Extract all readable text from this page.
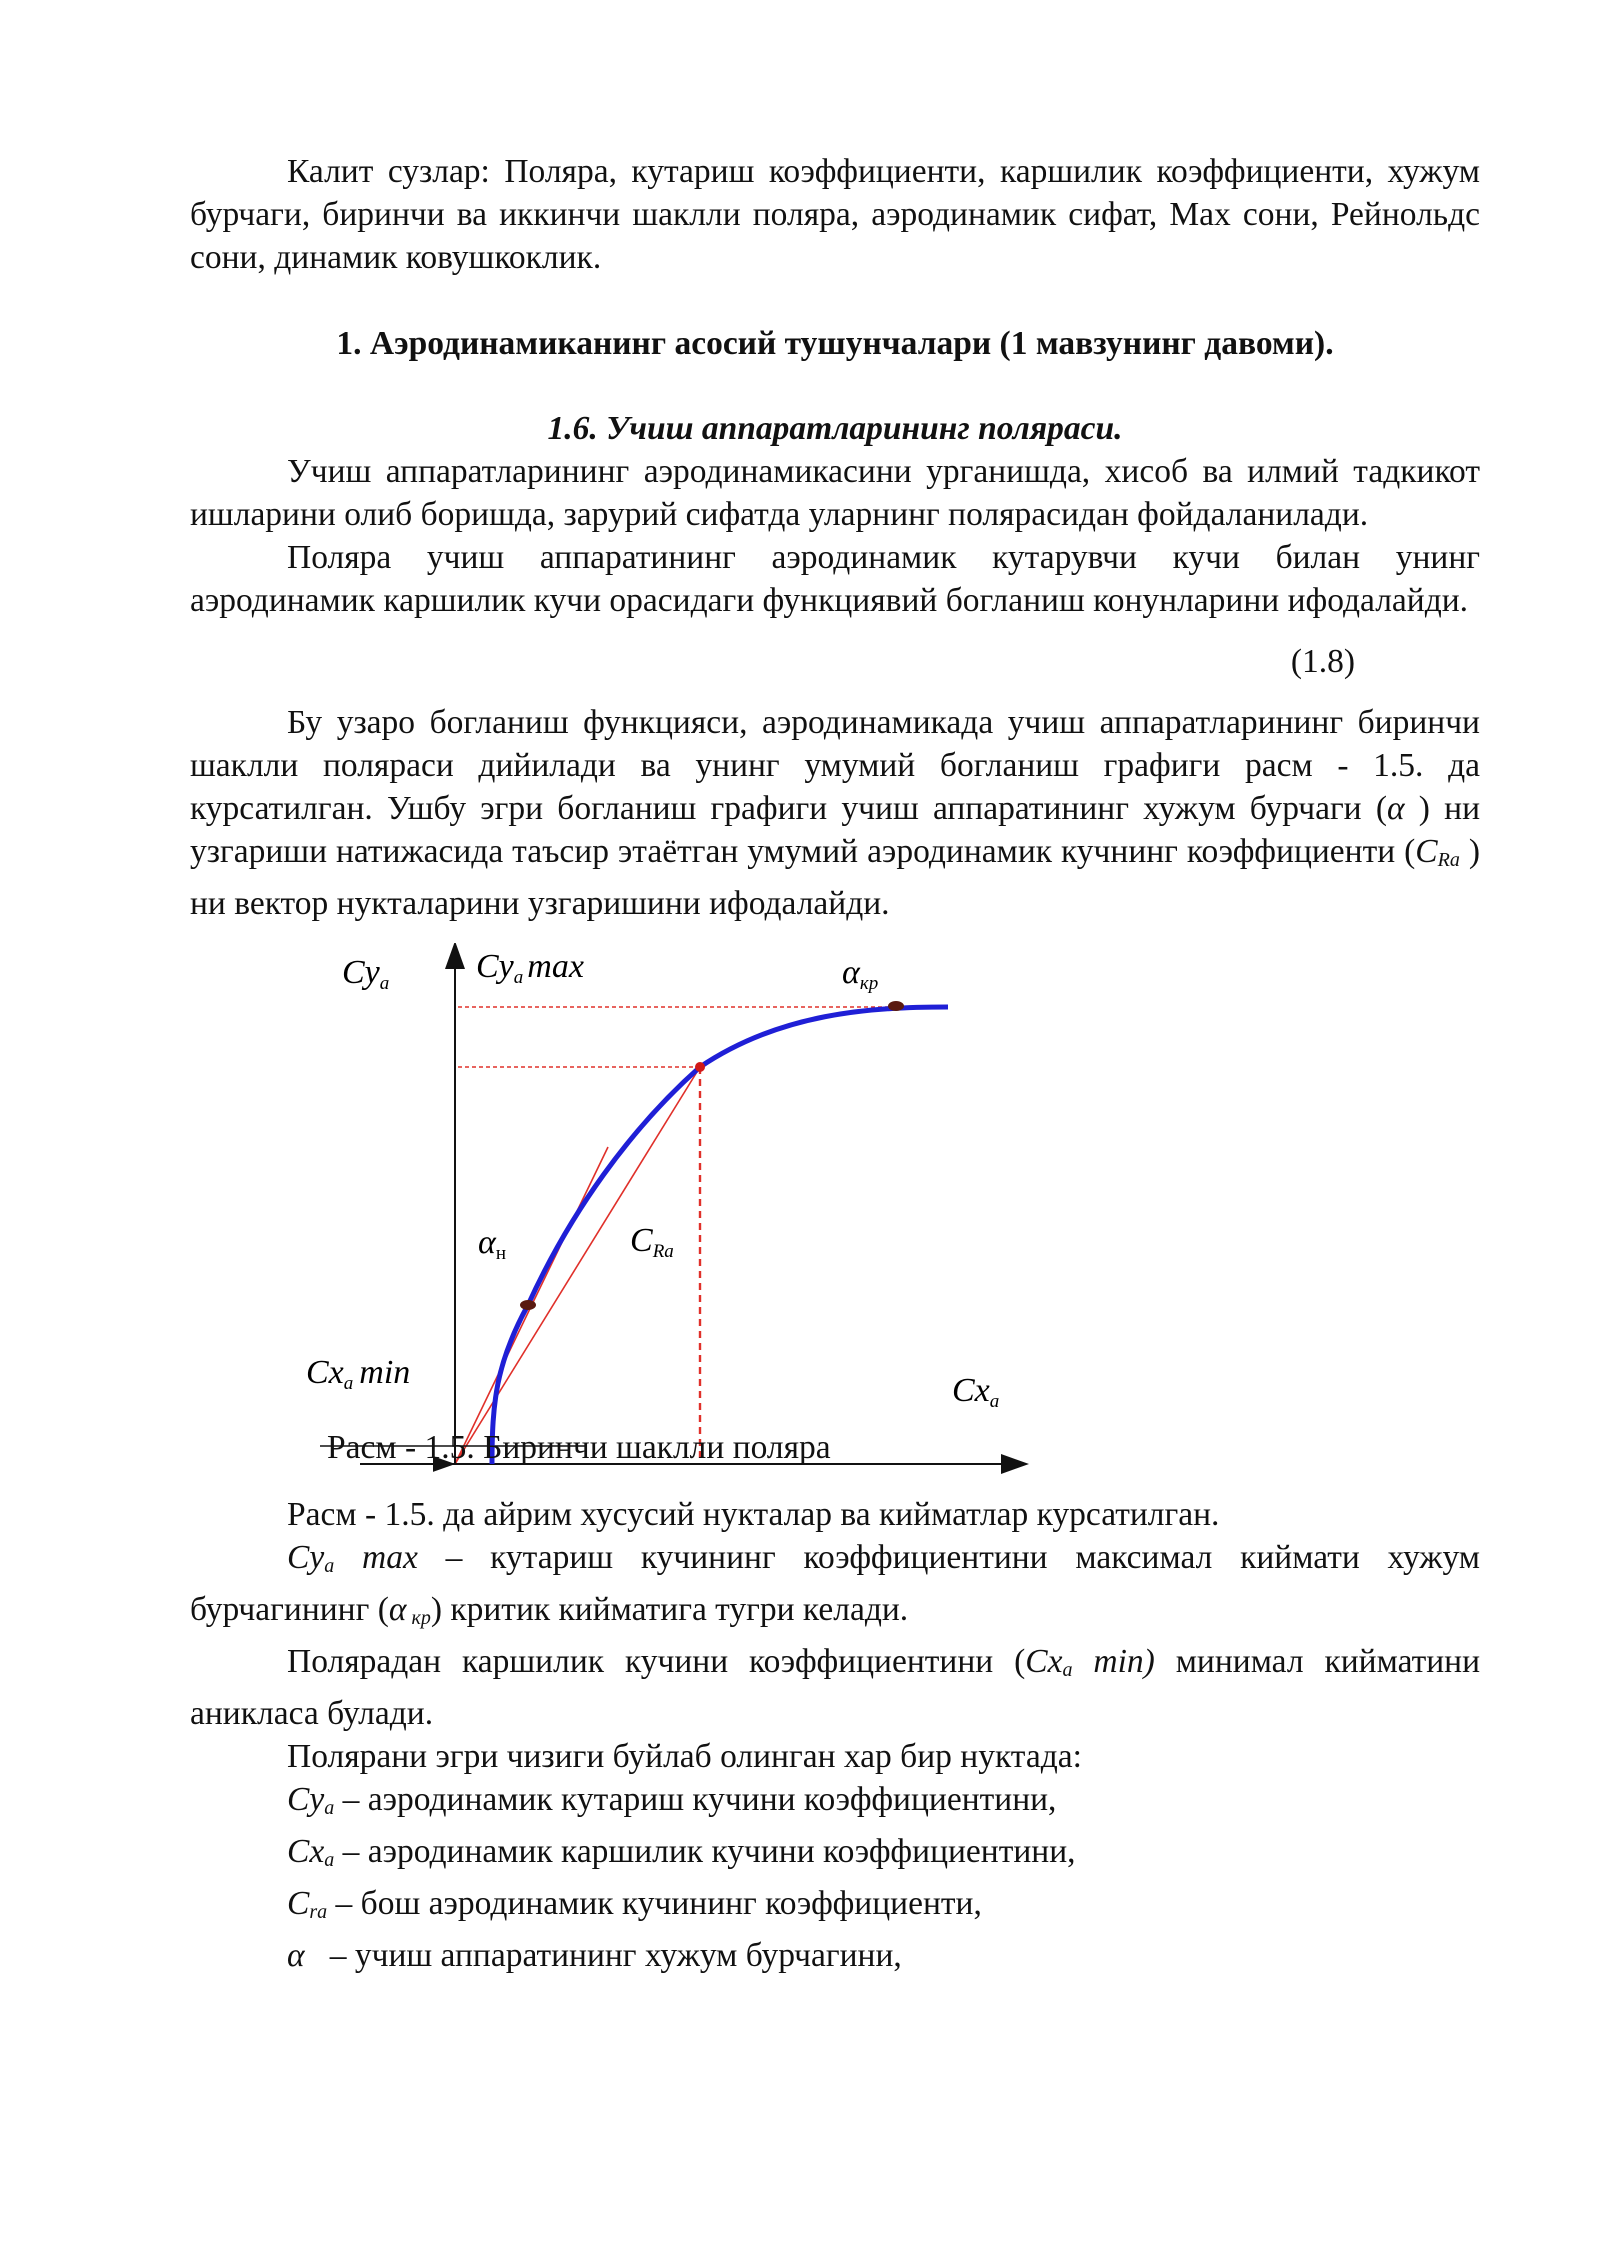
Калит сузлар: Поляра, кутариш коэффициенти, каршилик коэффициенти, хужум бурчаги, биринчи ва иккинчи шаклли поляра, аэродинамик сифат, Max сони, Рейнольдс сони, динамик ковушкоклик.

1. Аэродинамиканинг асосий тушунчалари (1 мавзунинг давоми).
1.6. Учиш аппаратларининг поляраси.

Учиш аппаратларининг аэродинамикасини урганишда, хисоб ва илмий тадкикот ишларини олиб боришда, зарурий сифатда уларнинг полярасидан фойдаланилади.

Поляра учиш аппаратининг аэродинамик кутарувчи кучи билан унинг аэродинамик каршилик кучи орасидаги функциявий богланиш конунларини ифодалайди.

(1.8)

Бу узаро богланиш функцияси, аэродинамикада учиш аппаратларининг биринчи шаклли поляраси дийилади ва унинг умумий богланиш графиги расм - 1.5. да курсатилган. Ушбу эгри богланиш графиги учиш аппаратининг хужум бурчаги (α ) ни узгариши натижасида таъсир этаётган умумий аэродинамик кучнинг коэффициенти ($C_{Ra}$ ) ни вектор нукталарини узгаришини ифодалайди.

Cya	Cya max	αкр
αн	CRa
Cxa min	Cxa
Расм - 1.5. Биринчи шаклли поляра

Расм - 1.5. да айрим хусусий нукталар ва кийматлар курсатилган.

$Cy_a$ max – кутариш кучининг коэффициентини максимал киймати хужум бурчагининг (α $_{кр}$) критик кийматига тугри келади.

Полярадан каршилик кучини коэффициентини ($Cx_a$ min) минимал кийматини аникласа булади.

Полярани эгри чизиги буйлаб олинган хар бир нуктада:

$Cy_a$ – аэродинамик кутариш кучини коэффициентини,

$Cx_a$ – аэродинамик каршилик кучини коэффициентини,

$C_{ra}$ – бош аэродинамик кучининг коэффициенти,

α   – учиш аппаратининг хужум бурчагини,
